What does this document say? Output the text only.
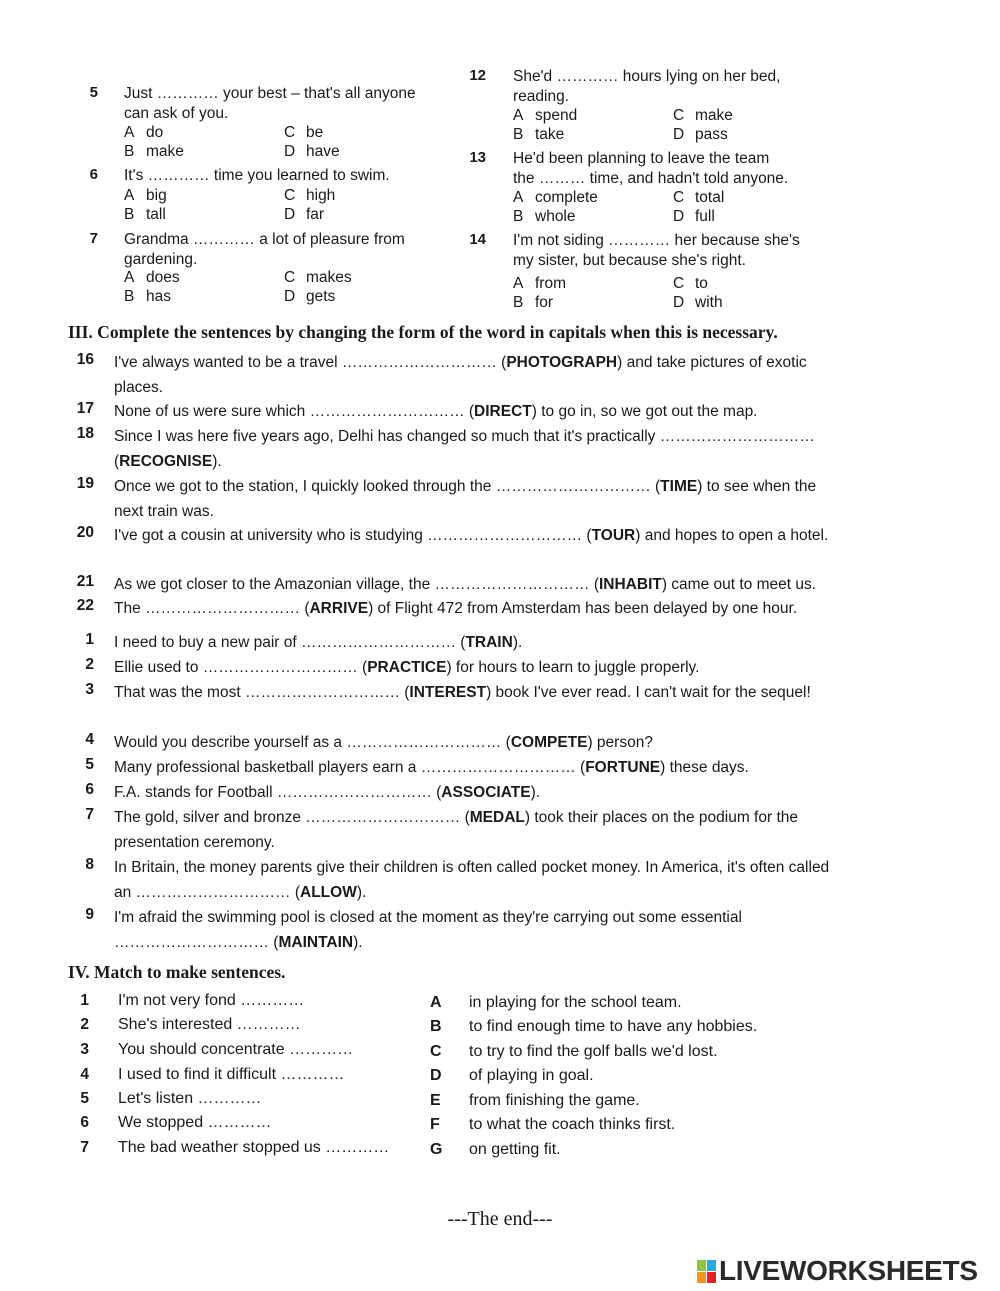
5 Just ………… your best – that's all anyone
can ask of you.
A do	C be
B make	D have
6 It's ………… time you learned to swim.
A big	C high
B tall	D far
7 Grandma ………… a lot of pleasure from
gardening.
A does	C makes
B has	D gets
12 She'd ………… hours lying on her bed,
reading.
A spend	C make
B take	D pass
13 He'd been planning to leave the team
the ……… time, and hadn't told anyone.
A complete	C total
B whole	D full
14 I'm not siding ………… her because she's
my sister, but because she's right.
A from	C to
B for	D with
III. Complete the sentences by changing the form of the word in capitals when this is necessary.
16 I've always wanted to be a travel ………………………… (PHOTOGRAPH) and take pictures of exotic places.
17 None of us were sure which ………………………… (DIRECT) to go in, so we got out the map.
18 Since I was here five years ago, Delhi has changed so much that it's practically ………………………… (RECOGNISE).
19 Once we got to the station, I quickly looked through the ………………………… (TIME) to see when the next train was.
20 I've got a cousin at university who is studying ………………………… (TOUR) and hopes to open a hotel.
21 As we got closer to the Amazonian village, the ………………………… (INHABIT) came out to meet us.
22 The ………………………… (ARRIVE) of Flight 472 from Amsterdam has been delayed by one hour.
1 I need to buy a new pair of ………………………… (TRAIN).
2 Ellie used to ………………………… (PRACTICE) for hours to learn to juggle properly.
3 That was the most ………………………… (INTEREST) book I've ever read. I can't wait for the sequel!
4 Would you describe yourself as a ………………………… (COMPETE) person?
5 Many professional basketball players earn a ………………………… (FORTUNE) these days.
6 F.A. stands for Football ………………………… (ASSOCIATE).
7 The gold, silver and bronze ………………………… (MEDAL) took their places on the podium for the presentation ceremony.
8 In Britain, the money parents give their children is often called pocket money. In America, it's often called an ………………………… (ALLOW).
9 I'm afraid the swimming pool is closed at the moment as they're carrying out some essential ………………………… (MAINTAIN).
IV. Match to make sentences.
1 I'm not very fond …………
2 She's interested …………
3 You should concentrate …………
4 I used to find it difficult …………
5 Let's listen …………
6 We stopped …………
7 The bad weather stopped us …………
A in playing for the school team.
B to find enough time to have any hobbies.
C to try to find the golf balls we'd lost.
D of playing in goal.
E from finishing the game.
F to what the coach thinks first.
G on getting fit.
---The end---
LIVEWORKSHEETS
